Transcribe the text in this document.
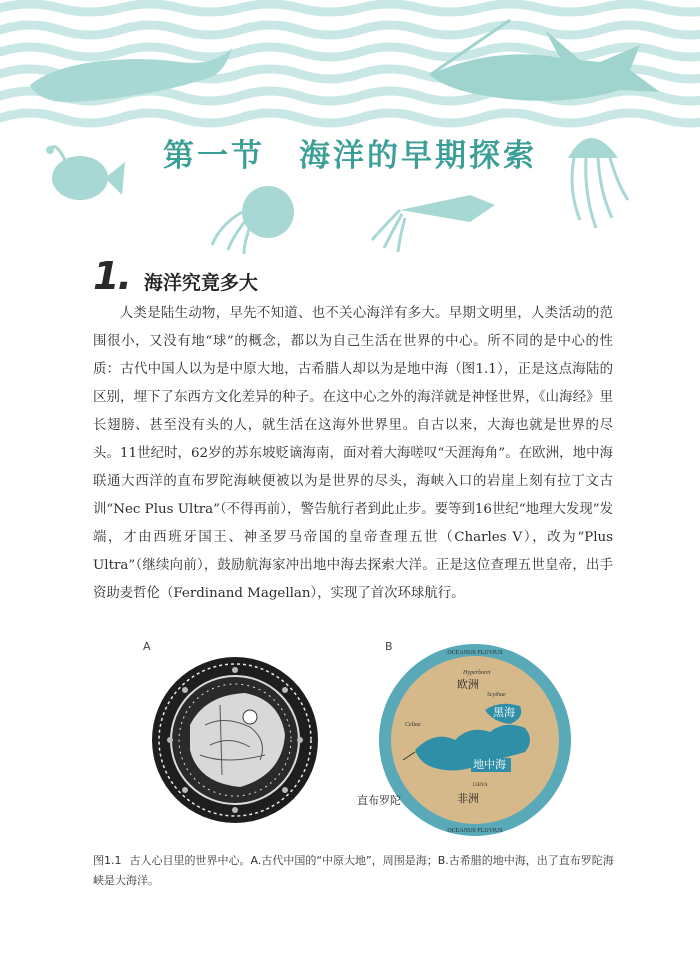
第一节　海洋的早期探索
1. 海洋究竟多大

人类是陆生动物，早先不知道、也不关心海洋有多大。早期文明里，人类活动的范围很小，又没有地“球”的概念，都以为自己生活在世界的中心。所不同的是中心的性质：古代中国人以为是中原大地，古希腊人却以为是地中海（图1.1），正是这点海陆的区别，埋下了东西方文化差异的种子。在这中心之外的海洋就是神怪世界，《山海经》里长翅膀、甚至没有头的人，就生活在这海外世界里。自古以来，大海也就是世界的尽头。11世纪时，62岁的苏东坡贬谪海南，面对着大海嗟叹“天涯海角”。在欧洲，地中海联通大西洋的直布罗陀海峡便被以为是世界的尽头，海峡入口的岩崖上刻有拉丁文古训“Nec Plus Ultra”（不得再前），警告航行者到此止步。要等到16世纪“地理大发现”发端，才由西班牙国王、神圣罗马帝国的皇帝查理五世（Charles Ⅴ），改为“Plus Ultra”（继续向前），鼓励航海家冲出地中海去探索大洋。正是这位查理五世皇帝，出手资助麦哲伦（Ferdinand Magellan），实现了首次环球航行。

A	B	OCEANUS FLUVIUS
OCEANUS FLUVIUS
Hyperborei
Scythae
Celtae
LIBYA
欧洲
黑海
地中海
非洲
直布罗陀
图1.1 古人心目里的世界中心。A.古代中国的“中原大地”，周围是海；B.古希腊的地中海，出了直布罗陀海峡是大海洋。
